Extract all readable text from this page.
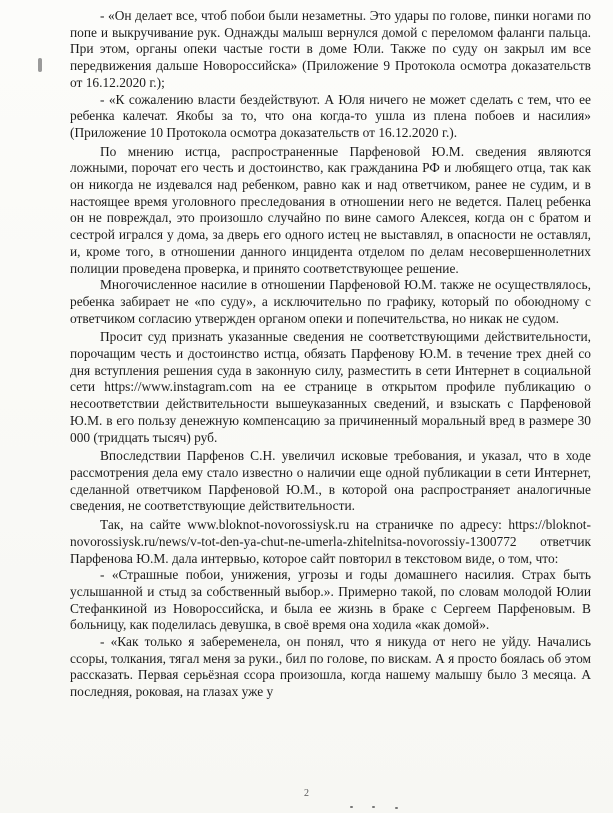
- «Он делает все, чтоб побои были незаметны. Это удары по голове, пинки ногами по попе и выкручивание рук. Однажды малыш вернулся домой с переломом фаланги пальца. При этом, органы опеки частые гости в доме Юли. Также по суду он закрыл им все передвижения дальше Новороссийска» (Приложение 9 Протокола осмотра доказательств от 16.12.2020 г.);

- «К сожалению власти бездействуют. А Юля ничего не может сделать с тем, что ее ребенка калечат. Якобы за то, что она когда-то ушла из плена побоев и насилия» (Приложение 10 Протокола осмотра доказательств от 16.12.2020 г.).

По мнению истца, распространенные Парфеновой Ю.М. сведения являются ложными, порочат его честь и достоинство, как гражданина РФ и любящего отца, так как он никогда не издевался над ребенком, равно как и над ответчиком, ранее не судим, и в настоящее время уголовного преследования в отношении него не ведется. Палец ребенка он не повреждал, это произошло случайно по вине самого Алексея, когда он с братом и сестрой игрался у дома, за дверь его одного истец не выставлял, в опасности не оставлял, и, кроме того, в отношении данного инцидента отделом по делам несовершеннолетних полиции проведена проверка, и принято соответствующее решение.

Многочисленное насилие в отношении Парфеновой Ю.М. также не осуществлялось, ребенка забирает не «по суду», а исключительно по графику, который по обоюдному с ответчиком согласию утвержден органом опеки и попечительства, но никак не судом.

Просит суд признать указанные сведения не соответствующими действительности, порочащим честь и достоинство истца, обязать Парфенову Ю.М. в течение трех дней со дня вступления решения суда в законную силу, разместить в сети Интернет в социальной сети https://www.instagram.com на ее странице в открытом профиле публикацию о несоответствии действительности вышеуказанных сведений, и взыскать с Парфеновой Ю.М. в его пользу денежную компенсацию за причиненный моральный вред в размере 30 000 (тридцать тысяч) руб.

Впоследствии Парфенов С.Н. увеличил исковые требования, и указал, что в ходе рассмотрения дела ему стало известно о наличии еще одной публикации в сети Интернет, сделанной ответчиком Парфеновой Ю.М., в которой она распространяет аналогичные сведения, не соответствующие действительности.

Так, на сайте www.bloknot-novorossiysk.ru на страничке по адресу: https://bloknot-novorossiysk.ru/news/v-tot-den-ya-chut-ne-umerla-zhitelnitsa-novorossiy-1300772 ответчик Парфенова Ю.М. дала интервью, которое сайт повторил в текстовом виде, о том, что:

- «Страшные побои, унижения, угрозы и годы домашнего насилия. Страх быть услышанной и стыд за собственный выбор.». Примерно такой, по словам молодой Юлии Стефанкиной из Новороссийска, и была ее жизнь в браке с Сергеем Парфеновым. В больницу, как поделилась девушка, в своё время она ходила «как домой».

- «Как только я забеременела, он понял, что я никуда от него не уйду. Начались ссоры, толкания, тягал меня за руки., бил по голове, по вискам. А я просто боялась об этом рассказать. Первая серьёзная ссора произошла, когда нашему малышу было 3 месяца. А последняя, роковая, на глазах уже у

2
